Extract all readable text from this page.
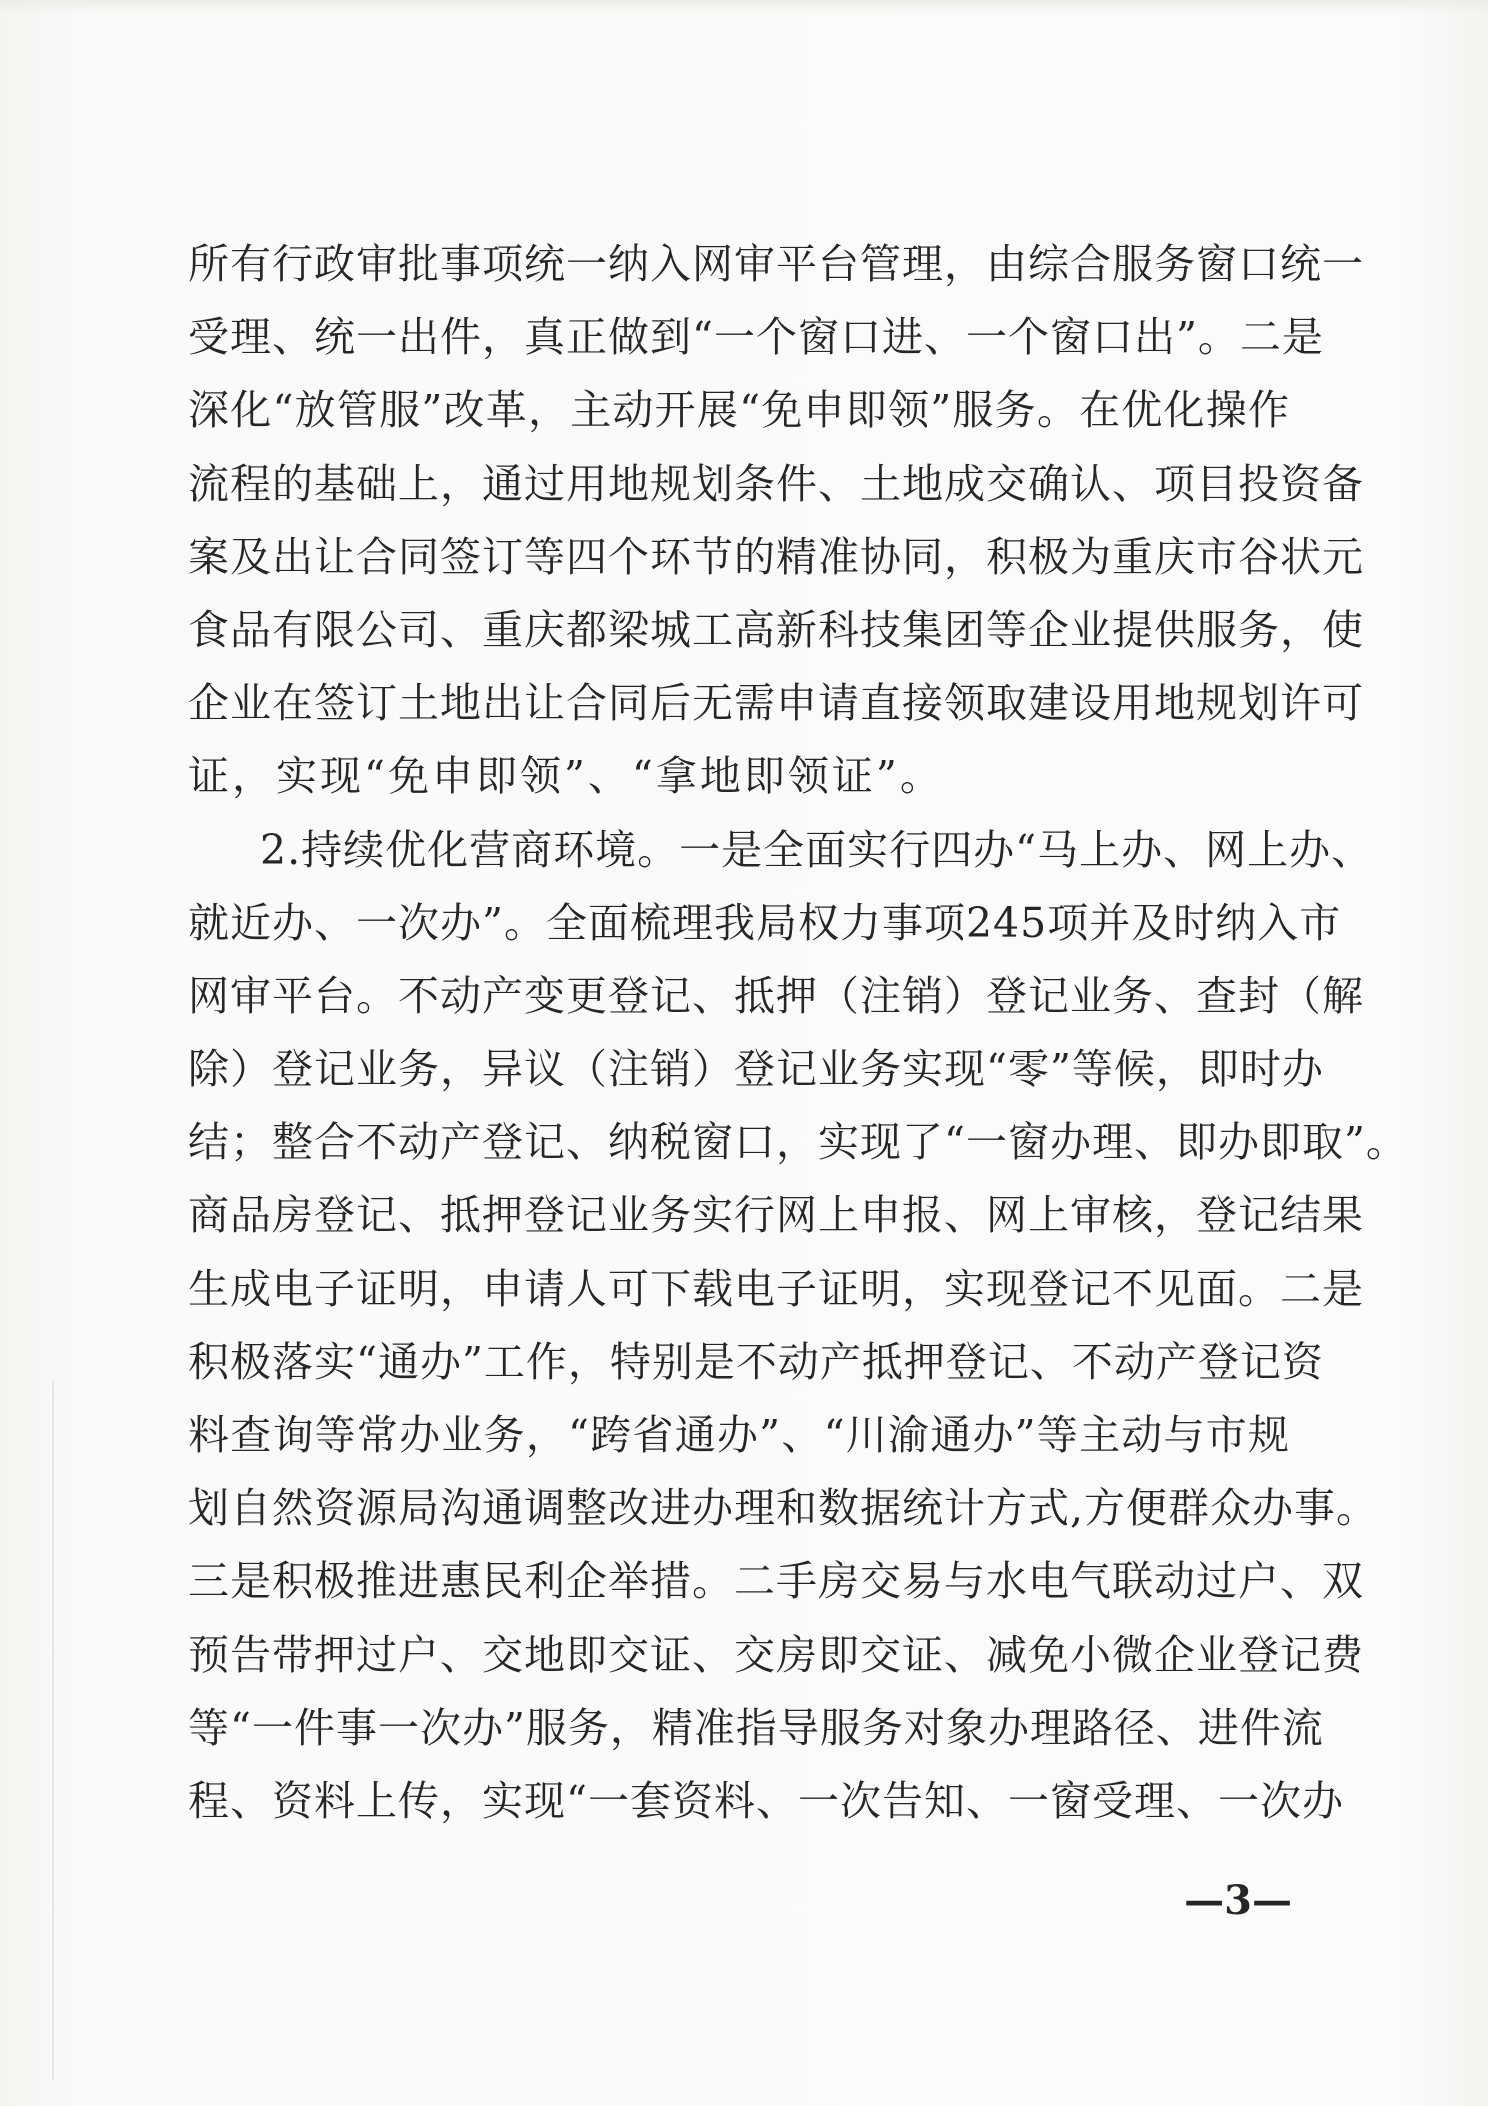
所有行政审批事项统一纳入网审平台管理，由综合服务窗口统一
受理、统一出件，真正做到“一个窗口进、一个窗口出”。二是
深化“放管服”改革，主动开展“免申即领”服务。在优化操作
流程的基础上，通过用地规划条件、土地成交确认、项目投资备
案及出让合同签订等四个环节的精准协同，积极为重庆市谷状元
食品有限公司、重庆都梁城工高新科技集团等企业提供服务，使
企业在签订土地出让合同后无需申请直接领取建设用地规划许可
证，实现“免申即领”、“拿地即领证”。
2.持续优化营商环境。一是全面实行四办“马上办、网上办、
就近办、一次办”。全面梳理我局权力事项245项并及时纳入市
网审平台。不动产变更登记、抵押（注销）登记业务、查封（解
除）登记业务，异议（注销）登记业务实现“零”等候，即时办
结；整合不动产登记、纳税窗口，实现了“一窗办理、即办即取”。
商品房登记、抵押登记业务实行网上申报、网上审核，登记结果
生成电子证明，申请人可下载电子证明，实现登记不见面。二是
积极落实“通办”工作，特别是不动产抵押登记、不动产登记资
料查询等常办业务，“跨省通办”、“川渝通办”等主动与市规
划自然资源局沟通调整改进办理和数据统计方式,方便群众办事。
三是积极推进惠民利企举措。二手房交易与水电气联动过户、双
预告带押过户、交地即交证、交房即交证、减免小微企业登记费
等“一件事一次办”服务，精准指导服务对象办理路径、进件流
程、资料上传，实现“一套资料、一次告知、一窗受理、一次办
—3—
